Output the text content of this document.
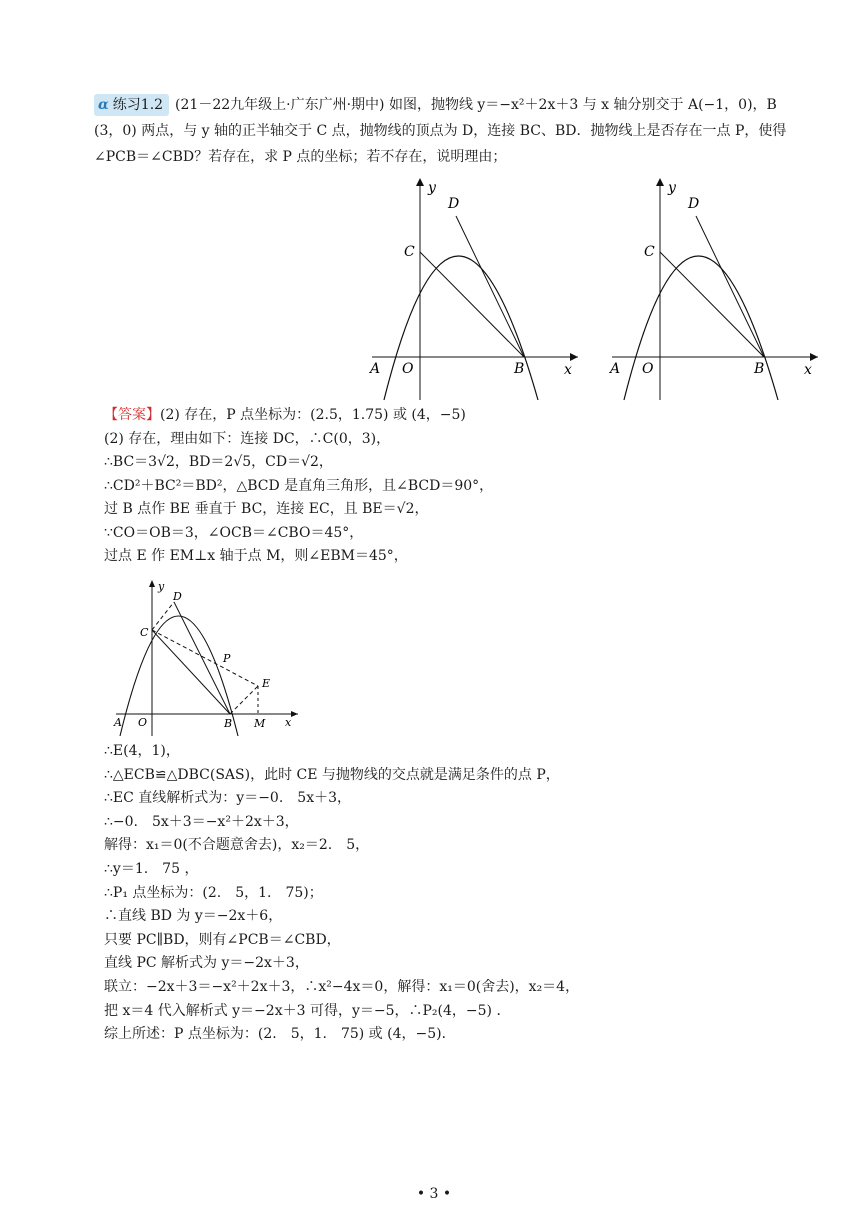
α 练习1.2 (21－22九年级上·广东广州·期中) 如图，抛物线 y＝−x²＋2x＋3 与 x 轴分别交于 A(−1，0)，B
(3，0) 两点，与 y 轴的正半轴交于 C 点，抛物线的顶点为 D，连接 BC、BD．抛物线上是否存在一点 P，使得
∠PCB＝∠CBD？若存在，求 P 点的坐标；若不存在，说明理由；
y
D
C
A O	B	x
y
D
C
A O	B	x
【答案】(2) 存在，P 点坐标为：(2.5，1.75) 或 (4，−5)
(2) 存在，理由如下：连接 DC，∴C(0，3)，
∴BC＝3√2，BD＝2√5，CD＝√2，
∴CD²＋BC²＝BD²，△BCD 是直角三角形，且∠BCD＝90°，
过 B 点作 BE 垂直于 BC，连接 EC，且 BE＝√2，
∵CO＝OB＝3，∠OCB＝∠CBO＝45°，
过点 E 作 EM⊥x 轴于点 M，则∠EBM＝45°，
y
D
C
P
E
A O	B M x
∴E(4，1)，
∴△ECB≌△DBC(SAS)，此时 CE 与抛物线的交点就是满足条件的点 P，
∴EC 直线解析式为：y＝−0.　5x＋3，
∴−0.　5x＋3＝−x²＋2x＋3，
解得：x₁＝0(不合题意舍去)，x₂＝2.　5，
∴y＝1.　75 ，
∴P₁ 点坐标为：(2.　5，1.　75)；
∴直线 BD 为 y＝−2x＋6，
只要 PC∥BD，则有∠PCB＝∠CBD，
直线 PC 解析式为 y＝−2x＋3，
联立：−2x＋3＝−x²＋2x＋3，∴x²−4x＝0，解得：x₁＝0(舍去)，x₂＝4，
把 x＝4 代入解析式 y＝−2x＋3 可得，y＝−5，∴P₂(4，−5) ．
综上所述：P 点坐标为：(2.　5，1.　75) 或 (4，−5)．
• 3 •
